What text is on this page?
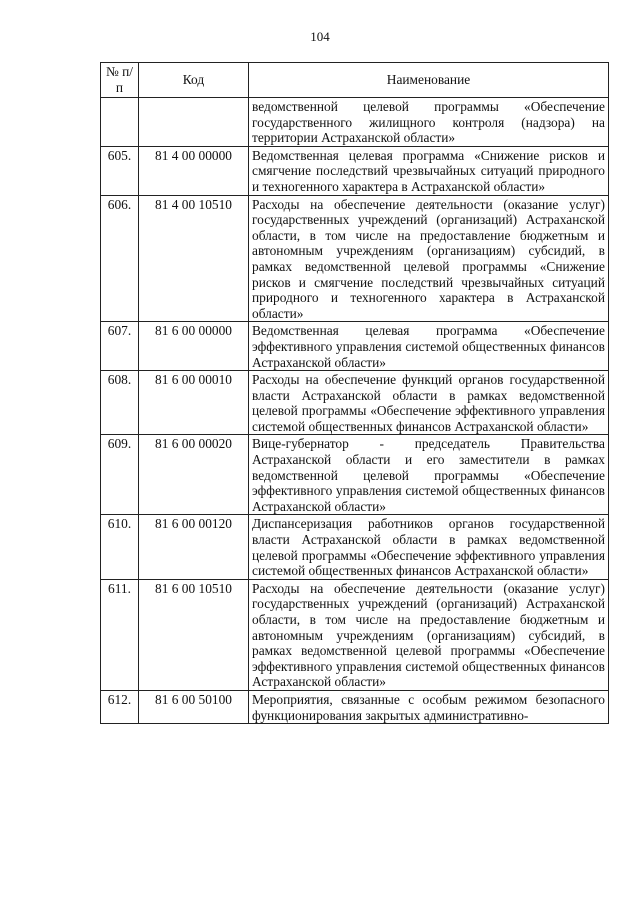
104
№ п/п	Код	Наименование
		ведомственной целевой программы «Обеспечение государственного жилищного контроля (надзора) на территории Астраханской области»
605.	81 4 00 00000	Ведомственная целевая программа «Снижение рисков и смягчение последствий чрезвычайных ситуаций природного и техногенного характера в Астраханской области»
606.	81 4 00 10510	Расходы на обеспечение деятельности (оказание услуг) государственных учреждений (организаций) Астраханской области, в том числе на предоставление бюджетным и автономным учреждениям (организациям) субсидий, в рамках ведомственной целевой программы «Снижение рисков и смягчение последствий чрезвычайных ситуаций природного и техногенного характера в Астраханской области»
607.	81 6 00 00000	Ведомственная целевая программа «Обеспечение эффективного управления системой общественных финансов Астраханской области»
608.	81 6 00 00010	Расходы на обеспечение функций органов государственной власти Астраханской области в рамках ведомственной целевой программы «Обеспечение эффективного управления системой общественных финансов Астраханской области»
609.	81 6 00 00020	Вице-губернатор - председатель Правительства Астраханской области и его заместители в рамках ведомственной целевой программы «Обеспечение эффективного управления системой общественных финансов Астраханской области»
610.	81 6 00 00120	Диспансеризация работников органов государственной власти Астраханской области в рамках ведомственной целевой программы «Обеспечение эффективного управления системой общественных финансов Астраханской области»
611.	81 6 00 10510	Расходы на обеспечение деятельности (оказание услуг) государственных учреждений (организаций) Астраханской области, в том числе на предоставление бюджетным и автономным учреждениям (организациям) субсидий, в рамках ведомственной целевой программы «Обеспечение эффективного управления системой общественных финансов Астраханской области»
612.	81 6 00 50100	Мероприятия, связанные с особым режимом безопасного функционирования закрытых административно-
